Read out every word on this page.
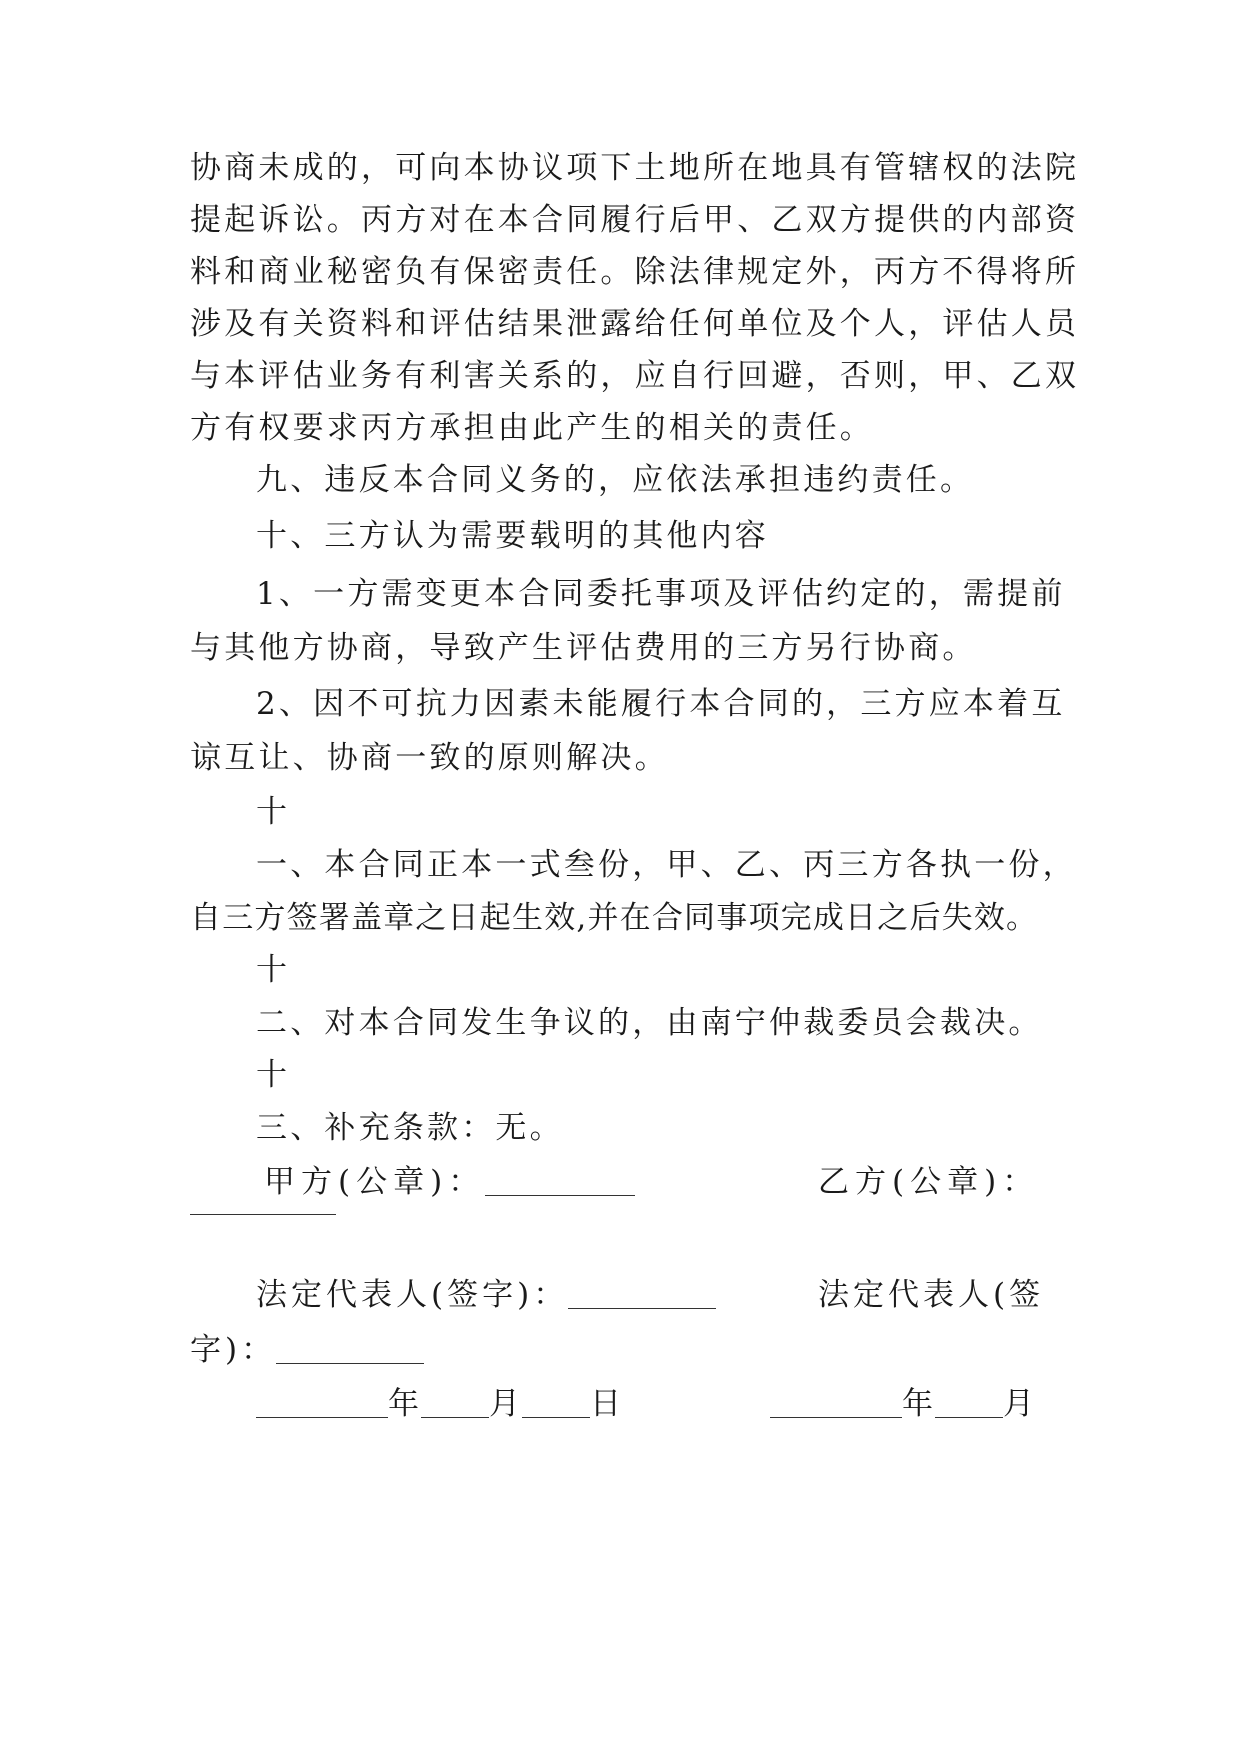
协商未成的，可向本协议项下土地所在地具有管辖权的法院
提起诉讼。丙方对在本合同履行后甲、乙双方提供的内部资
料和商业秘密负有保密责任。除法律规定外，丙方不得将所
涉及有关资料和评估结果泄露给任何单位及个人，评估人员
与本评估业务有利害关系的，应自行回避，否则，甲、乙双
方有权要求丙方承担由此产生的相关的责任。
九、违反本合同义务的，应依法承担违约责任。
十、三方认为需要载明的其他内容
1、一方需变更本合同委托事项及评估约定的，需提前
与其他方协商，导致产生评估费用的三方另行协商。
2、因不可抗力因素未能履行本合同的，三方应本着互
谅互让、协商一致的原则解决。
十
一、本合同正本一式叁份，甲、乙、丙三方各执一份，
自三方签署盖章之日起生效,并在合同事项完成日之后失效。
十
二、对本合同发生争议的，由南宁仲裁委员会裁决。
十
三、补充条款：无。
甲方(公章)：	乙方(公章)：
法定代表人(签字)：	法定代表人(签
字)：
年 月 日	年 月
